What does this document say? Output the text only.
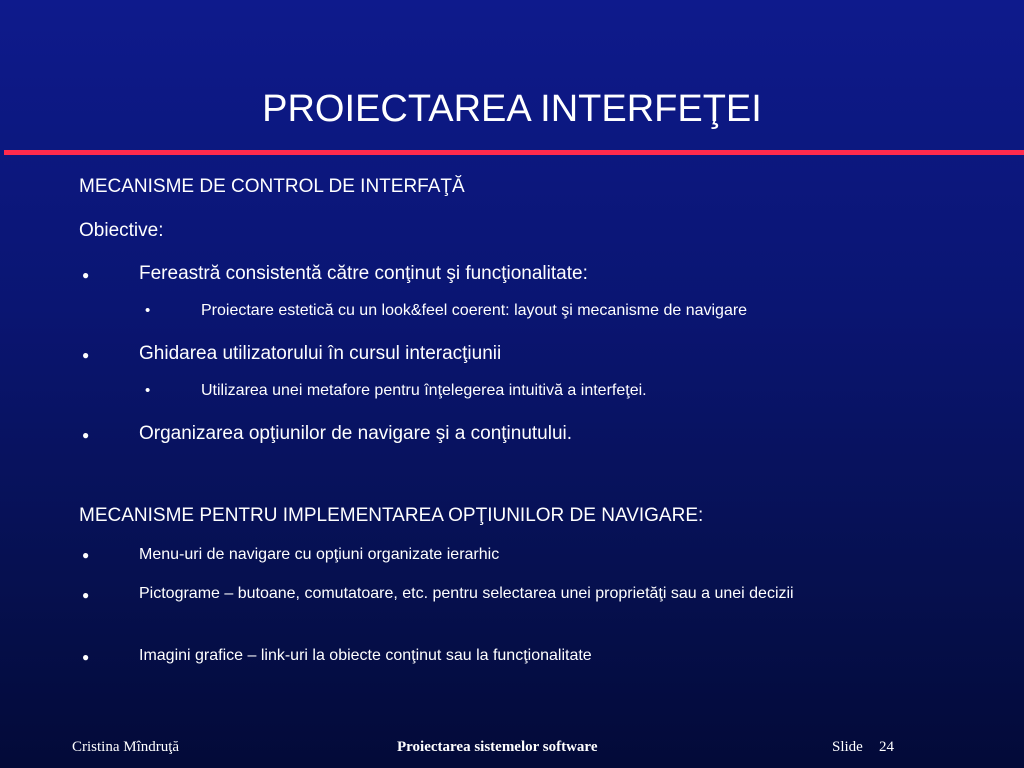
PROIECTAREA INTERFEŢEI
MECANISME DE CONTROL DE INTERFAŢĂ
Obiective:
●	Fereastră consistentă către conţinut şi funcţionalitate:
•	Proiectare estetică cu un look&feel coerent: layout şi mecanisme de navigare
●	Ghidarea utilizatorului în cursul interacţiunii
•	Utilizarea unei metafore pentru înţelegerea intuitivă a interfeţei.
●	Organizarea opţiunilor de navigare şi a conţinutului.
MECANISME PENTRU IMPLEMENTAREA OPŢIUNILOR DE NAVIGARE:
●	Menu-uri de navigare cu opţiuni organizate ierarhic
●	Pictograme – butoane, comutatoare, etc. pentru selectarea unei proprietăţi sau a unei decizii
●	Imagini grafice – link-uri la obiecte conţinut sau la funcţionalitate
Cristina Mîndruţă	Proiectarea sistemelor software	Slide 24
